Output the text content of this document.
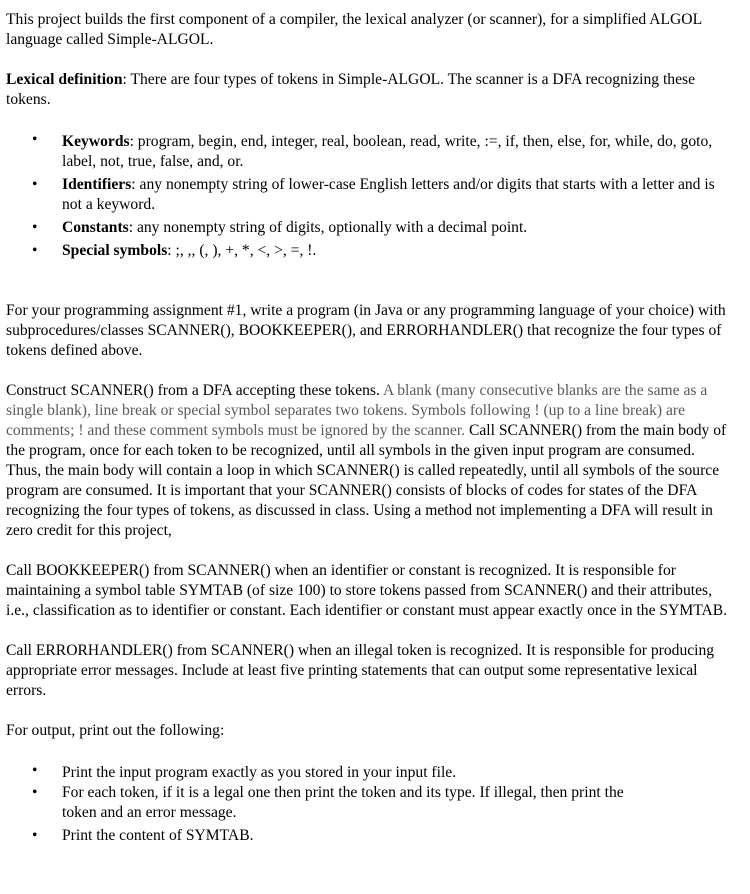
This project builds the first component of a compiler, the lexical analyzer (or scanner), for a simplified ALGOL language called Simple-ALGOL.

Lexical definition: There are four types of tokens in Simple-ALGOL. The scanner is a DFA recognizing these tokens.

• Keywords: program, begin, end, integer, real, boolean, read, write, :=, if, then, else, for, while, do, goto, label, not, true, false, and, or.
• Identifiers: any nonempty string of lower-case English letters and/or digits that starts with a letter and is not a keyword.
• Constants: any nonempty string of digits, optionally with a decimal point.
• Special symbols: ;, ,, (, ), +, *, <, >, =, !.

For your programming assignment #1, write a program (in Java or any programming language of your choice) with subprocedures/classes SCANNER(), BOOKKEEPER(), and ERRORHANDLER() that recognize the four types of tokens defined above.

Construct SCANNER() from a DFA accepting these tokens. A blank (many consecutive blanks are the same as a single blank), line break or special symbol separates two tokens. Symbols following ! (up to a line break) are comments; ! and these comment symbols must be ignored by the scanner. Call SCANNER() from the main body of the program, once for each token to be recognized, until all symbols in the given input program are consumed. Thus, the main body will contain a loop in which SCANNER() is called repeatedly, until all symbols of the source program are consumed. It is important that your SCANNER() consists of blocks of codes for states of the DFA recognizing the four types of tokens, as discussed in class. Using a method not implementing a DFA will result in zero credit for this project,

Call BOOKKEEPER() from SCANNER() when an identifier or constant is recognized. It is responsible for maintaining a symbol table SYMTAB (of size 100) to store tokens passed from SCANNER() and their attributes, i.e., classification as to identifier or constant. Each identifier or constant must appear exactly once in the SYMTAB.

Call ERRORHANDLER() from SCANNER() when an illegal token is recognized. It is responsible for producing appropriate error messages. Include at least five printing statements that can output some representative lexical errors.

For output, print out the following:

• Print the input program exactly as you stored in your input file.
• For each token, if it is a legal one then print the token and its type. If illegal, then print the token and an error message.
• Print the content of SYMTAB.
